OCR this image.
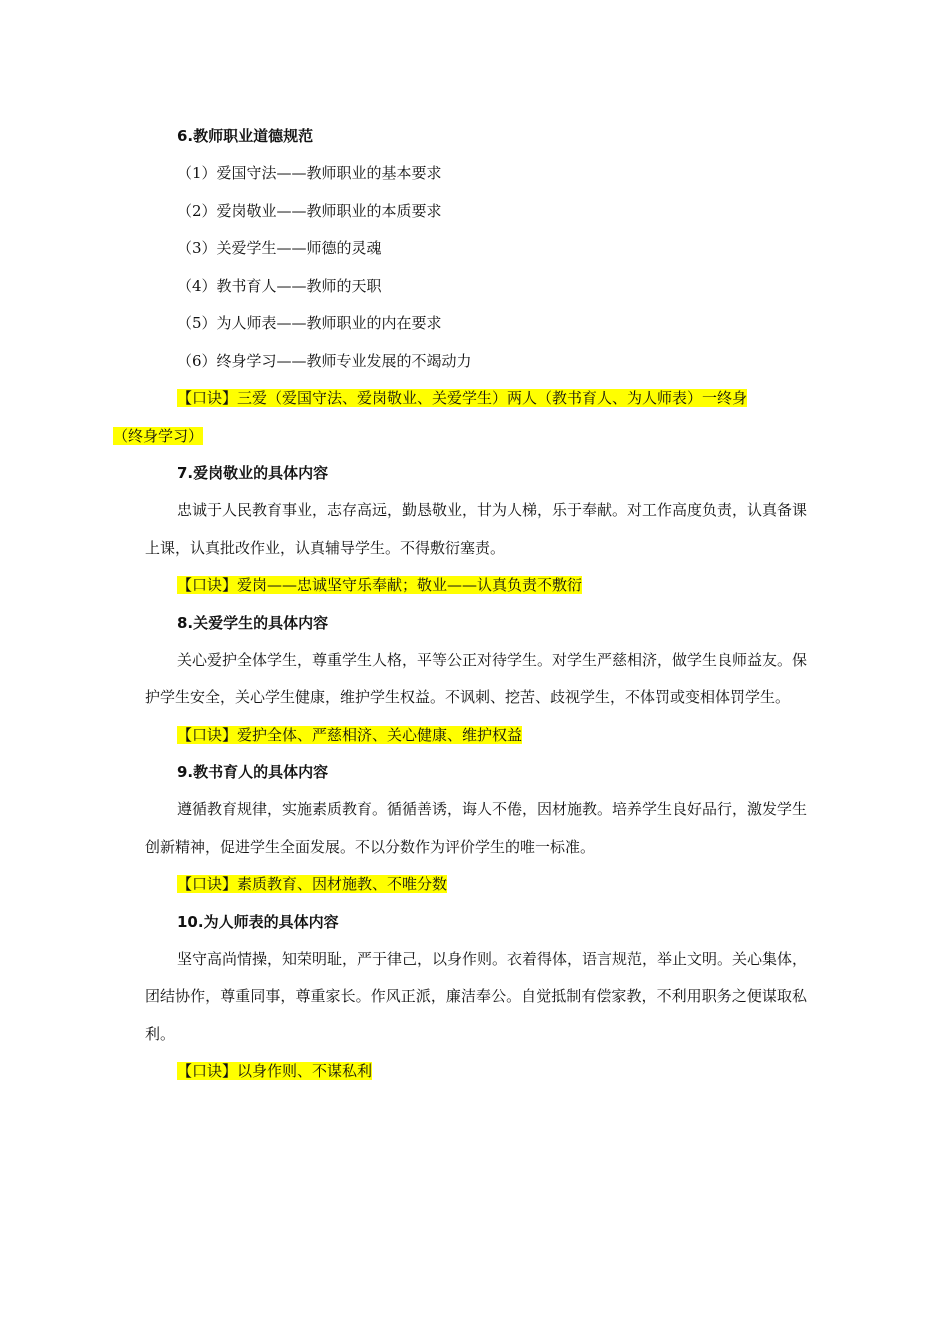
6.教师职业道德规范
（1）爱国守法——教师职业的基本要求
（2）爱岗敬业——教师职业的本质要求
（3）关爱学生——师德的灵魂
（4）教书育人——教师的天职
（5）为人师表——教师职业的内在要求
（6）终身学习——教师专业发展的不竭动力

【口诀】三爱（爱国守法、爱岗敬业、关爱学生）两人（教书育人、为人师表）一终身
（终身学习）

7.爱岗敬业的具体内容

忠诚于人民教育事业，志存高远，勤恳敬业，甘为人梯，乐于奉献。对工作高度负责，认真备课上课，认真批改作业，认真辅导学生。不得敷衍塞责。

【口诀】爱岗——忠诚坚守乐奉献；敬业——认真负责不敷衍

8.关爱学生的具体内容

关心爱护全体学生，尊重学生人格，平等公正对待学生。对学生严慈相济，做学生良师益友。保护学生安全，关心学生健康，维护学生权益。不讽刺、挖苦、歧视学生，不体罚或变相体罚学生。

【口诀】爱护全体、严慈相济、关心健康、维护权益

9.教书育人的具体内容

遵循教育规律，实施素质教育。循循善诱，诲人不倦，因材施教。培养学生良好品行，激发学生创新精神，促进学生全面发展。不以分数作为评价学生的唯一标准。

【口诀】素质教育、因材施教、不唯分数

10.为人师表的具体内容

坚守高尚情操，知荣明耻，严于律己，以身作则。衣着得体，语言规范，举止文明。关心集体，团结协作，尊重同事，尊重家长。作风正派，廉洁奉公。自觉抵制有偿家教，不利用职务之便谋取私利。

【口诀】以身作则、不谋私利
